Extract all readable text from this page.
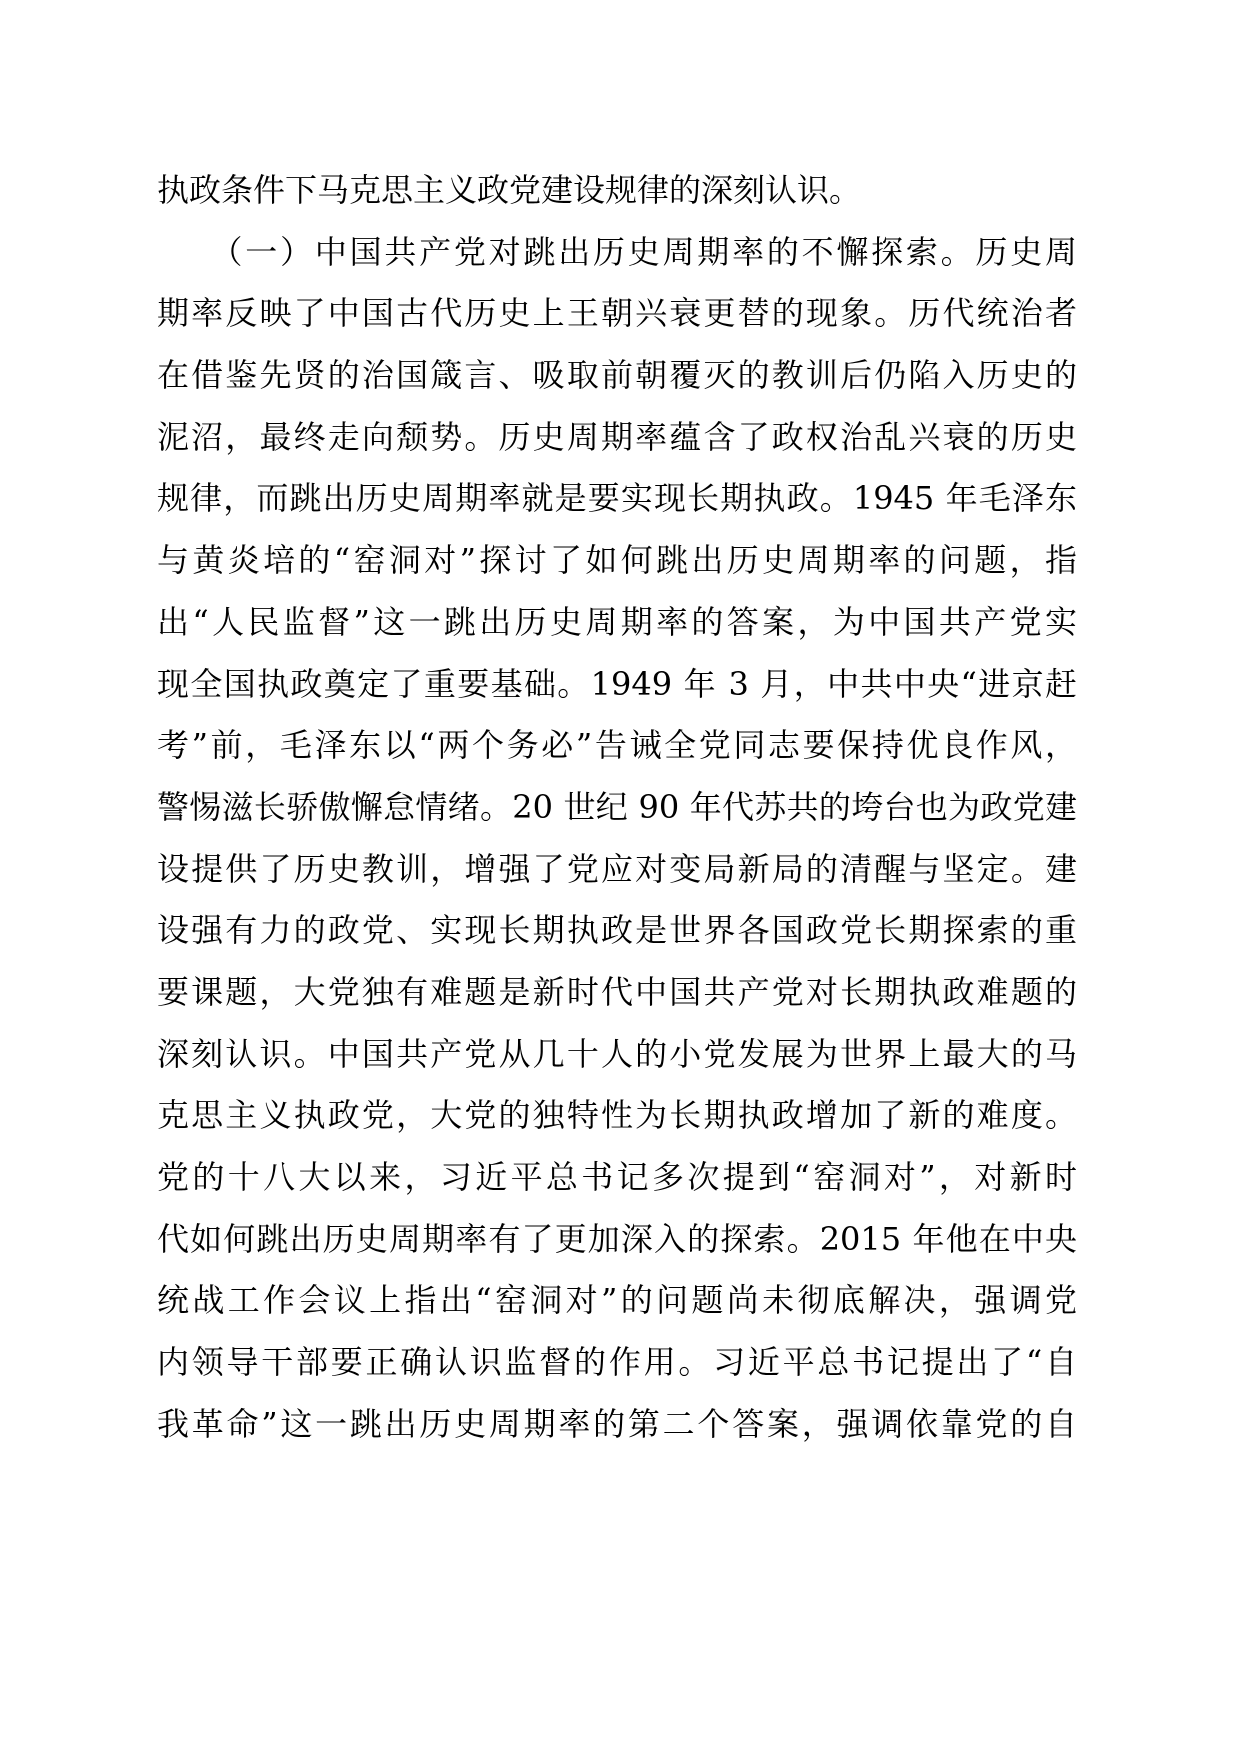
执政条件下马克思主义政党建设规律的深刻认识。
　　（一）中国共产党对跳出历史周期率的不懈探索。历史周
期率反映了中国古代历史上王朝兴衰更替的现象。历代统治者
在借鉴先贤的治国箴言、吸取前朝覆灭的教训后仍陷入历史的
泥沼，最终走向颓势。历史周期率蕴含了政权治乱兴衰的历史
规律，而跳出历史周期率就是要实现长期执政。1945 年毛泽东
与黄炎培的“窑洞对”探讨了如何跳出历史周期率的问题，指
出“人民监督”这一跳出历史周期率的答案，为中国共产党实
现全国执政奠定了重要基础。1949 年 3 月，中共中央“进京赶
考”前，毛泽东以“两个务必”告诫全党同志要保持优良作风，
警惕滋长骄傲懈怠情绪。20 世纪 90 年代苏共的垮台也为政党建
设提供了历史教训，增强了党应对变局新局的清醒与坚定。建
设强有力的政党、实现长期执政是世界各国政党长期探索的重
要课题，大党独有难题是新时代中国共产党对长期执政难题的
深刻认识。中国共产党从几十人的小党发展为世界上最大的马
克思主义执政党，大党的独特性为长期执政增加了新的难度。
党的十八大以来，习近平总书记多次提到“窑洞对”，对新时
代如何跳出历史周期率有了更加深入的探索。2015 年他在中央
统战工作会议上指出“窑洞对”的问题尚未彻底解决，强调党
内领导干部要正确认识监督的作用。习近平总书记提出了“自
我革命”这一跳出历史周期率的第二个答案，强调依靠党的自
